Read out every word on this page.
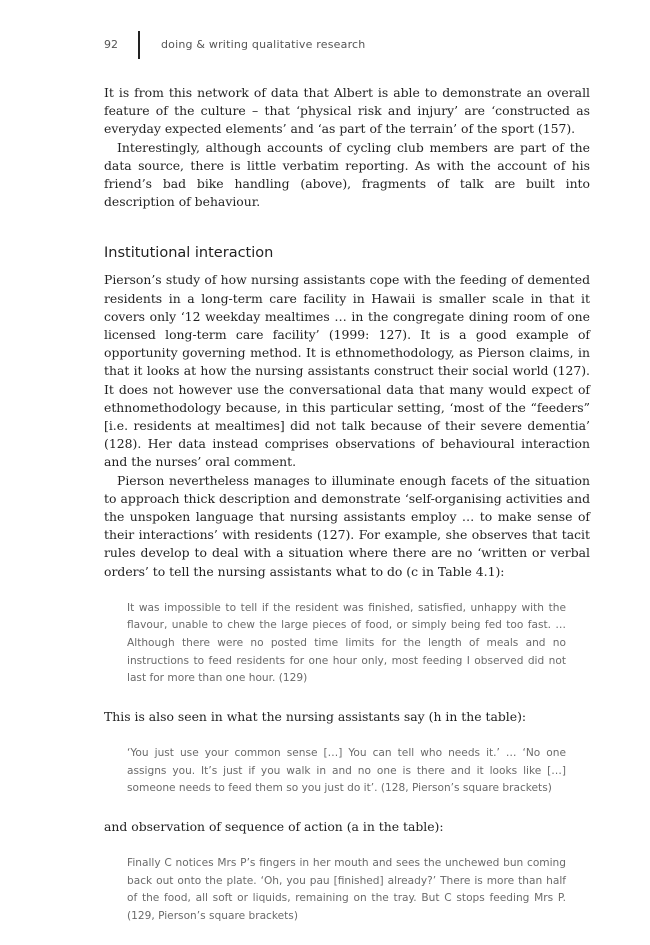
92	doing & writing qualitative research

It is from this network of data that Albert is able to demonstrate an overall feature of the culture – that ‘physical risk and injury’ are ‘constructed as everyday expected elements’ and ‘as part of the terrain’ of the sport (157).

Interestingly, although accounts of cycling club members are part of the data source, there is little verbatim reporting. As with the account of his friend’s bad bike handling (above), fragments of talk are built into description of behaviour.

Institutional interaction

Pierson’s study of how nursing assistants cope with the feeding of demented residents in a long-term care facility in Hawaii is smaller scale in that it covers only ‘12 weekday mealtimes … in the congregate dining room of one licensed long-term care facility’ (1999: 127). It is a good example of opportunity governing method. It is ethnomethodology, as Pierson claims, in that it looks at how the nursing assistants construct their social world (127). It does not however use the conversational data that many would expect of ethnomethodology because, in this particular setting, ‘most of the “feeders” [i.e. residents at mealtimes] did not talk because of their severe dementia’ (128). Her data instead comprises observations of behavioural interaction and the nurses’ oral comment.

Pierson nevertheless manages to illuminate enough facets of the situation to approach thick description and demonstrate ‘self-organising activities and the unspoken language that nursing assistants employ … to make sense of their interactions’ with residents (127). For example, she observes that tacit rules develop to deal with a situation where there are no ‘written or verbal orders’ to tell the nursing assistants what to do (c in Table 4.1):

It was impossible to tell if the resident was finished, satisfied, unhappy with the flavour, unable to chew the large pieces of food, or simply being fed too fast. … Although there were no posted time limits for the length of meals and no instructions to feed residents for one hour only, most feeding I observed did not last for more than one hour. (129)

This is also seen in what the nursing assistants say (h in the table):

‘You just use your common sense […] You can tell who needs it.’ … ‘No one assigns you. It’s just if you walk in and no one is there and it looks like […] someone needs to feed them so you just do it’. (128, Pierson’s square brackets)

and observation of sequence of action (a in the table):

Finally C notices Mrs P’s fingers in her mouth and sees the unchewed bun coming back out onto the plate. ‘Oh, you pau [finished] already?’ There is more than half of the food, all soft or liquids, remaining on the tray. But C stops feeding Mrs P. (129, Pierson’s square brackets)
